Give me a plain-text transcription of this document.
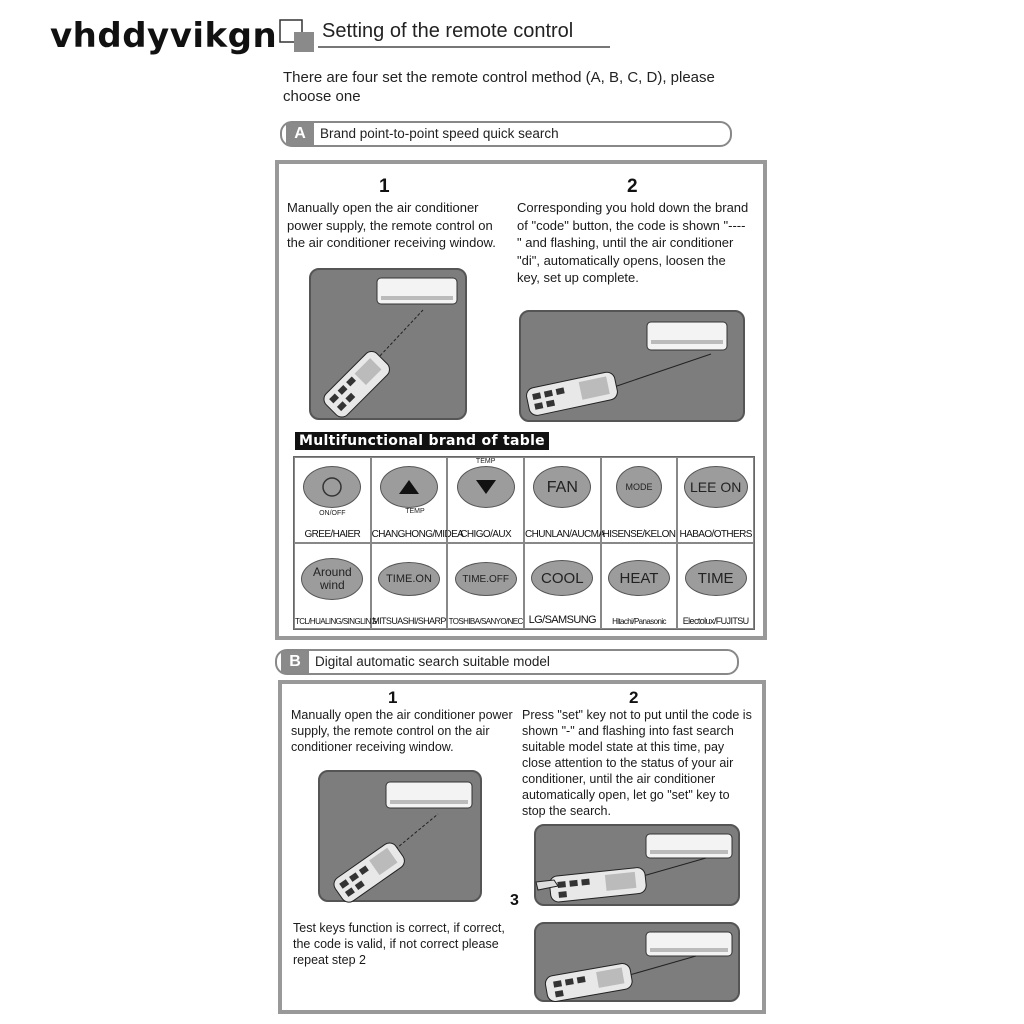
vhddyvikgn Setting of the remote control
There are four set the remote control method (A, B, C, D), please choose one
A	Brand point-to-point speed quick search
1
Manually open the air conditioner power supply, the remote control on the air conditioner receiving window.
2
Corresponding you hold down the brand of "code" button, the code is shown "----" and flashing, until the air conditioner "di", automatically opens, loosen the key, set up complete.
Multifunctional brand of table
ON/OFF
GREE/HAIER
TEMP
CHANGHONG/MIDEA
TEMP
CHIGO/AUX
FAN
CHUNLAN/AUCMA
MODE
HISENSE/KELON
LEE ON
HABAO/OTHERS
Around wind
TCL/HUALING/SINGLING
TIME.ON
MITSUASHI/SHARP
TIME.OFF
TOSHIBA/SANYO/NEC
COOL
LG/SAMSUNG
HEAT
Hitachi/Panasonic
TIME
Electolux/FUJITSU
B	Digital automatic search suitable model
1
Manually open the air conditioner power supply, the remote control on the air conditioner receiving window.
2
Press "set" key not to put until the code is shown "-" and flashing into fast search suitable model state at this time, pay close attention to the status of your air conditioner, until the air conditioner automatically open, let go "set" key to stop the search.
3
Test keys function is correct, if correct, the code is valid, if not correct please repeat step 2
